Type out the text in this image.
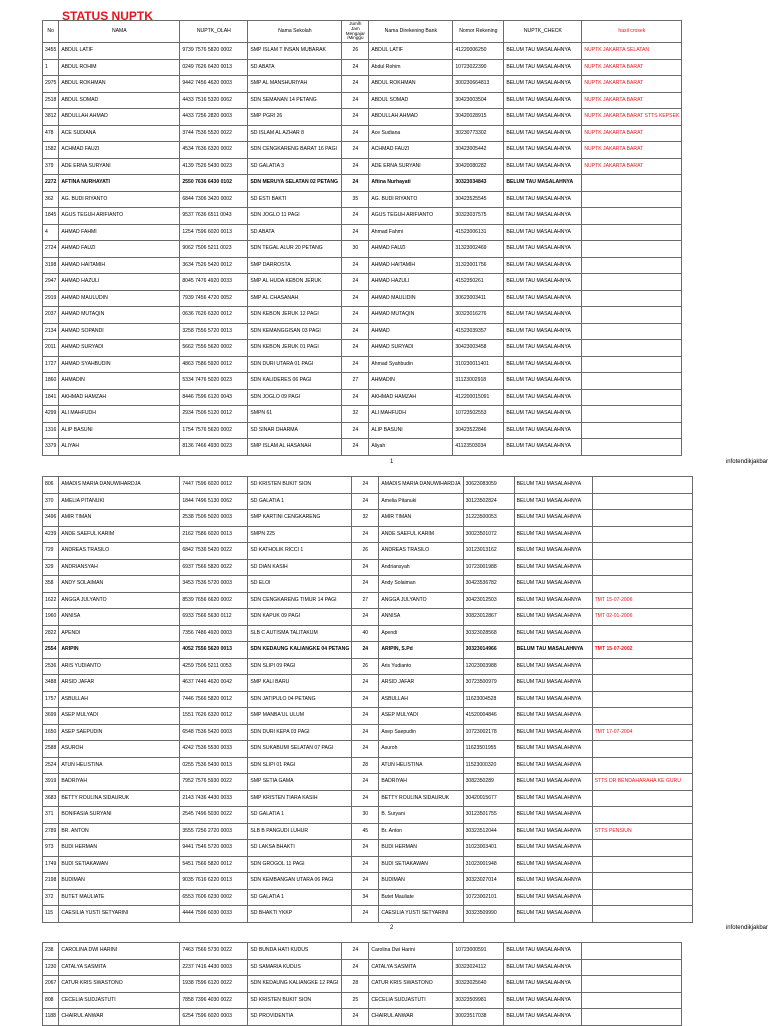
STATUS NUPTK
No	NAMA	NUPTK_OLAH	Nama Sekolah	Jumlh Jam Mengajar /Minggu	Nama Direkening Bank	Nomor Rekening	NUPTK_CHECK	hasil crosek
3455	ABDUL LATIF	9739 7576 5820 0002	SMP ISLAM T INSAN MUBARAK	26	ABDUL LATIF	41220006250	BELUM TAU MASALAHNYA	NUPTK JAKARTA SELATAN
1	ABDUL ROHIM	0249 7626 6420 0013	SD ABATA	24	Abdul Rohim	10723022390	BELUM TAU MASALAHNYA	NUPTK JAKARTA BARAT
2975	ABDUL ROKHMAN	9442 7456 4620 0003	SMP AL MANSHURIYAH	24	ABDUL ROKHMAN	300230664813	BELUM TAU MASALAHNYA	NUPTK JAKARTA BARAT
2518	ABDUL SOMAD	4433 7516 5320 0062	SDN SEMANAN 14 PETANG	24	ABDUL SOMAD	30423003504	BELUM TAU MASALAHNYA	NUPTK JAKARTA BARAT
3812	ABDULLAH AHMAD	4433 7256 2820 0003	SMP PGRI 26	24	ABDULLAH AHMAD	30420028915	BELUM TAU MASALAHNYA	NUPTK JAKARTA BARAT STTS KEPSEK
478	ACE SUDIANA	3744 7536 5520 0022	SD ISLAM AL AZHAR 8	24	Ace Sudiana	30230773302	BELUM TAU MASALAHNYA	NUPTK JAKARTA BARAT
1582	ACHMAD FAUZI	4534 7636 6320 0002	SDN CENGKARENG BARAT 16 PAGI	24	ACHMAD FAUZI	30423005442	BELUM TAU MASALAHNYA	NUPTK JAKARTA BARAT
379	ADE ERNA SURYANI	4139 7526 5430 0023	SD GALATIA 3	24	ADE ERNA SURYANI	30420080282	BELUM TAU MASALAHNYA	NUPTK JAKARTA BARAT
2272	AFTINA NURHAYATI	2550 7636 6430 0102	SDN MERUYA SELATAN 02 PETANG	24	Aftina Nurhayati	30323034843	BELUM TAU MASALAHNYA	
362	AG. BUDI RIYANTO	6844 7306 3420 0002	SD ESTI BAKTI	35	AG. BUDI RIYANTO	30423525545	BELUM TAU MASALAHNYA	
1845	AGUS TEGUH ARIFIANTO	9537 7636 6511 0043	SDN JOGLO 11 PAGI	24	AGUS TEGUH ARIFIANTO	30323037575	BELUM TAU MASALAHNYA	
4	AHMAD FAHMI	1254 7596 6020 0013	SD ABATA	24	Ahmad Fahmi	41523006131	BELUM TAU MASALAHNYA	
2724	AHMAD FAUZI	9062 7506 5211 0023	SDN TEGAL ALUR 20 PETANG	30	AHMAD FAUZI	31323002469	BELUM TAU MASALAHNYA	
3198	AHMAD HAITAMIH	3634 7526 5420 0012	SMP DARROSTA	24	AHMAD HAITAMIH	31323001756	BELUM TAU MASALAHNYA	
2947	AHMAD HAZULI	8045 7476 4920 0033	SMP AL HUDA KEBON JERUK	24	AHMAD HAZULI	4152350261	BELUM TAU MASALAHNYA	
2919	AHMAD MAULUDIN	7939 7456 4720 0052	SMP AL CHASANAH	24	AHMAD MAULIDIN	30623003411	BELUM TAU MASALAHNYA	
2037	AHMAD MUTAQIN	0636 7626 6320 0012	SDN KEBON JERUK 12 PAGI	24	AHMAD MUTAQIN	30323016276	BELUM TAU MASALAHNYA	
2134	AHMAD SOPANDI	3258 7556 5720 0013	SDN KEMANGGISAN 03 PAGI	24	AHMAD	41523039357	BELUM TAU MASALAHNYA	
2011	AHMAD SURYADI	5662 7556 5620 0002	SDN KEBON JERUK 01 PAGI	24	AHMAD SURYADI	30423003458	BELUM TAU MASALAHNYA	
1727	AHMAD SYAHBUDIN	4863 7586 5920 0012	SDN DURI UTARA 01 PAGI	24	Ahmad Syahbudin	310230011401	BELUM TAU MASALAHNYA	
1860	AHMADIN	5334 7476 5020 0023	SDN KALIDERES 06 PAGI	27	AHMADIN	31123002918	BELUM TAU MASALAHNYA	
1841	AKHMAD HAMZAH	8446 7596 6120 0043	SDN JOGLO 09 PAGI	24	AKHMAD HAMZAH	412200015091	BELUM TAU MASALAHNYA	
4299	ALI MAHFUDH	2934 7506 5120 0012	SMPN 61	32	ALI MAHFUDH	10723502553	BELUM TAU MASALAHNYA	
1316	ALIP BASUNI	1754 7576 5620 0002	SD SINAR DHARMA	24	ALIP BASUNI	30423522846	BELUM TAU MASALAHNYA	
3379	ALIYAH	8136 7466 4930 0023	SMP ISLAM AL HASANAH	24	Aliyah	41123503034	BELUM TAU MASALAHNYA	
1	infotendikjakbar
806	AMADIS MARIA DANUWIHARDJA	7447 7596 6020 0012	SD KRISTEN BUKIT SION	24	AMADIS MARIA DANUWIHARDJA	30623083059	BELUM TAU MASALAHNYA	
370	AMELIA PITANUKI	1844 7496 5130 0062	SD GALATIA 1	24	Amelia Pitanuki	30123502824	BELUM TAU MASALAHNYA	
3496	AMIR TIMAN	2538 7506 5020 0003	SMP KARTINI CENGKARENG	32	AMIR TIMAN	31223500053	BELUM TAU MASALAHNYA	
4239	ANDE SAEFUL KARIM	2162 7586 6020 0013	SMPN 225	24	ANDE SAEFUL KARIM	30023501072	BELUM TAU MASALAHNYA	
729	ANDREAS TRASILO	6842 7536 5420 0022	SD KATHOLIK RICCI 1	26	ANDREAS TRASILO	10123013162	BELUM TAU MASALAHNYA	
329	ANDRIANSYAH	6937 7566 5820 0022	SD DIAN KASIH	24	Andriansyah	10723001988	BELUM TAU MASALAHNYA	
358	ANDY SOLAIMAN	3453 7536 5720 0003	SD ELOI	24	Andy Solaiman	30423536782	BELUM TAU MASALAHNYA	
1622	ANGGA JULYANTO	8539 7656 6620 0002	SDN CENGKARENG TIMUR 14 PAGI	27	ANGGA JULYANTO	30423012503	BELUM TAU MASALAHNYA	TMT 15-07-2006
1960	ANNISA	6933 7566 5630 0112	SDN KAPUK 09 PAGI	24	ANNISA	30823012867	BELUM TAU MASALAHNYA	TMT 02-01-2006
2822	APENDI	7356 7486 4920 0003	SLB C AUTISMA TALITAKUM	40	Apendi	30323028568	BELUM TAU MASALAHNYA	
2554	ARIPIN	4052 7556 5620 0013	SDN KEDAUNG KALIANGKE 04 PETANG	24	ARIPIN, S.Pd	30323014966	BELUM TAU MASALAHNYA	TMT 15-07-2002
2536	ARIS YUDIANTO	4259 7506 5211 0053	SDN SLIPI 09 PAGI	26	Aris Yudianto	12023003988	BELUM TAU MASALAHNYA	
3488	ARSID JAFAR	4637 7446 4620 0042	SMP KALI BARU	24	ARSID JAFAR	30723500979	BELUM TAU MASALAHNYA	
1757	ASBULLAH	7446 7566 5820 0012	SDN JATIPULO 04 PETANG	24	ASBULLAH	11623004528	BELUM TAU MASALAHNYA	
3699	ASEP MULYADI	1551 7626 6320 0012	SMP MANBA'UL ULUM	24	ASEP MULYADI	41520004846	BELUM TAU MASALAHNYA	
1650	ASEP SAEPUDIN	6548 7536 5420 0003	SDN DURI KEPA 03 PAGI	24	Asep Saepudin	10723002178	BELUM TAU MASALAHNYA	TMT 17-07-2004
2588	ASUROH	4242 7536 5530 0033	SDN SUKABUMI SELATAN 07 PAGI	24	Asuroh	11623501955	BELUM TAU MASALAHNYA	
2524	ATUN HELISTINA	0255 7536 5430 0013	SDN SLIPI 01 PAGI	28	ATUN HELISTINA	11523000320	BELUM TAU MASALAHNYA	
3919	BADRIYAH	7952 7576 5930 0022	SMP SETIA GAMA	24	BADRIYAH	3082350289	BELUM TAU MASALAHNYA	STTS DR BENDAHARAHA KE GURU
3683	BETTY ROULINA SIDAURUK	2143 7436 4430 0033	SMP KRISTEN TIARA KASIH	24	BETTY ROULINA SIDAURUK	30420015677	BELUM TAU MASALAHNYA	
371	BONIFASIA SURYANI	2545 7496 5030 0022	SD GALATIA 1	30	B. Suryani	30123501755	BELUM TAU MASALAHNYA	
2789	BR. ANTON	3555 7256 2720 0003	SLB B PANGUDI LUHUR	45	Br. Anton	30323512044	BELUM TAU MASALAHNYA	STTS PENSIUN
973	BUDI HERMAN	9441 7546 5720 0003	SD LAKSA BHAKTI	24	BUDI HERMAN	31023003401	BELUM TAU MASALAHNYA	
1749	BUDI SETIAKAWAN	5451 7566 5820 0012	SDN GROGOL 11 PAGI	24	BUDI SETIAKAWAN	31023001948	BELUM TAU MASALAHNYA	
2198	BUDIMAN	9035 7616 6220 0013	SDN KEMBANGAN UTARA 06 PAGI	24	BUDIMAN	30323027014	BELUM TAU MASALAHNYA	
372	BUTET MAULIATE	6553 7606 6230 0002	SD GALATIA 1	34	Butet Mauliate	10723002101	BELUM TAU MASALAHNYA	
115	CAESILIA YUSTI SETYARINI	4444 7596 6030 0033	SD BHAKTI YKKP	24	CAESILIA YUSTI SETYARINI	30323509990	BELUM TAU MASALAHNYA	
2	infotendikjakbar
238	CAROLINA DWI HARINI	7463 7566 5730 0022	SD BUNDA HATI KUDUS	24	Carolina Dwi Harini	10723000591	BELUM TAU MASALAHNYA	
1230	CATALYA SASMITA	2237 7416 4430 0003	SD SAMARIA KUDUS	24	CATALYA SASMITA	30323024112	BELUM TAU MASALAHNYA	
2067	CATUR KRIS SWASTONO	1938 7596 6120 0022	SDN KEDAUNG KALIANGKE 12 PAGI	28	CATUR KRIS SWASTONO	30323025640	BELUM TAU MASALAHNYA	
808	CECELIA SUDJASTUTI	7858 7396 4030 0022	SD KRISTEN BUKIT SION	25	CECELIA SUDJASTUTI	30323509981	BELUM TAU MASALAHNYA	
1188	CHAIRUL ANWAR	6254 7596 6020 0003	SD PROVIDENTIA	24	CHAIRUL ANWAR	30023517038	BELUM TAU MASALAHNYA	
